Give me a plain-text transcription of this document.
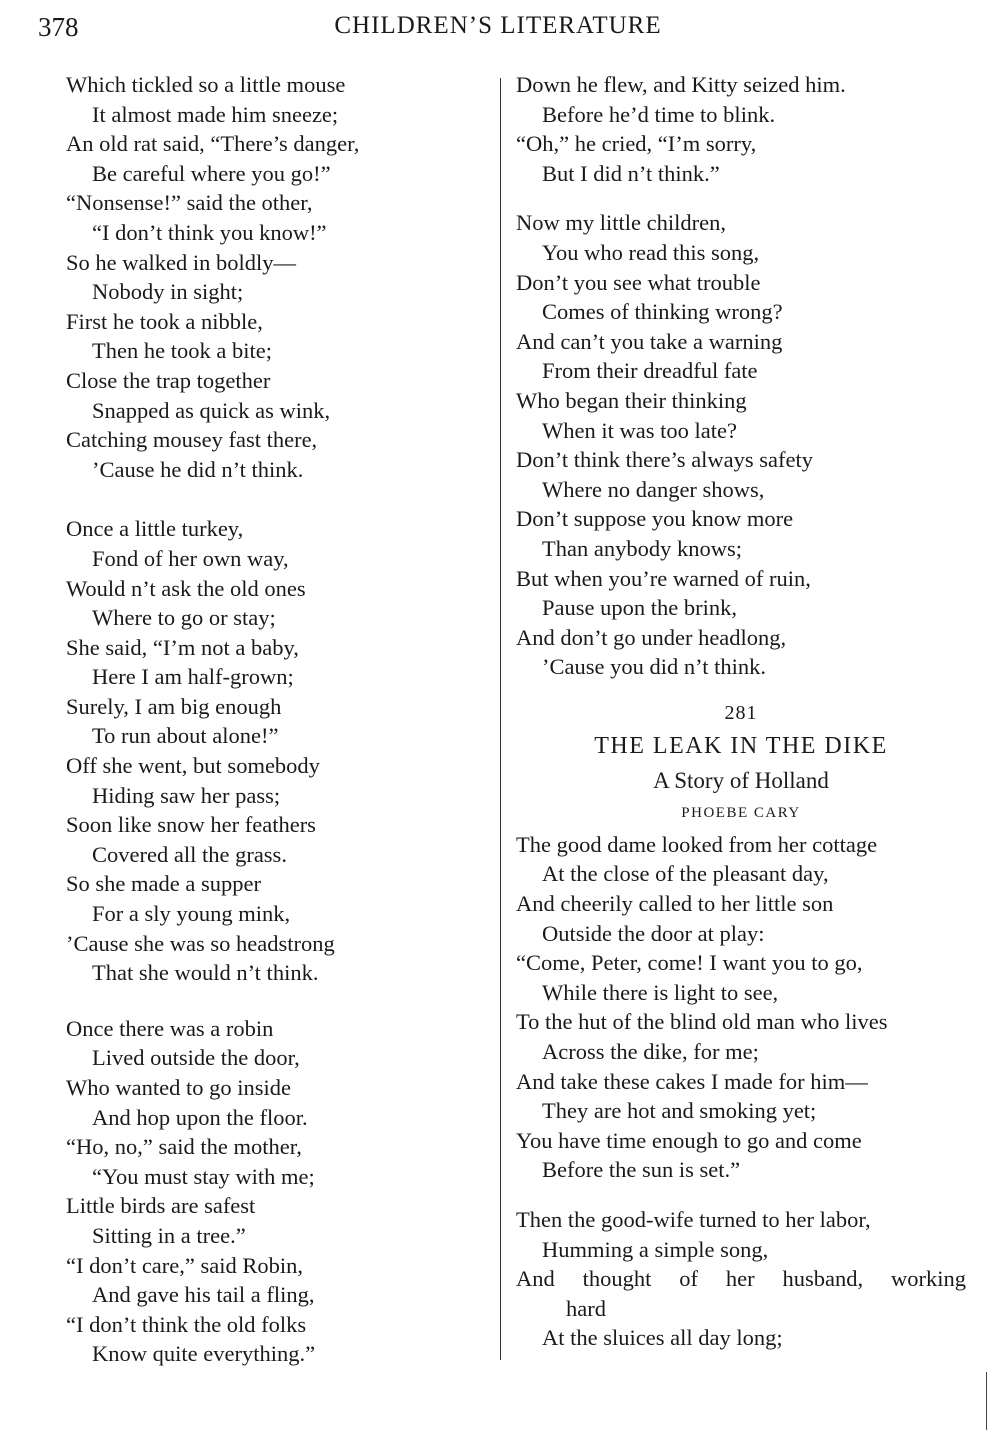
378	CHILDREN’S LITERATURE
Which tickled so a little mouse
It almost made him sneeze;
An old rat said, “There’s danger,
Be careful where you go!”
“Nonsense!” said the other,
“I don’t think you know!”
So he walked in boldly—
Nobody in sight;
First he took a nibble,
Then he took a bite;
Close the trap together
Snapped as quick as wink,
Catching mousey fast there,
’Cause he did n’t think.
Once a little turkey,
Fond of her own way,
Would n’t ask the old ones
Where to go or stay;
She said, “I’m not a baby,
Here I am half-grown;
Surely, I am big enough
To run about alone!”
Off she went, but somebody
Hiding saw her pass;
Soon like snow her feathers
Covered all the grass.
So she made a supper
For a sly young mink,
’Cause she was so headstrong
That she would n’t think.
Once there was a robin
Lived outside the door,
Who wanted to go inside
And hop upon the floor.
“Ho, no,” said the mother,
“You must stay with me;
Little birds are safest
Sitting in a tree.”
“I don’t care,” said Robin,
And gave his tail a fling,
“I don’t think the old folks
Know quite everything.”
Down he flew, and Kitty seized him.
Before he’d time to blink.
“Oh,” he cried, “I’m sorry,
But I did n’t think.”
Now my little children,
You who read this song,
Don’t you see what trouble
Comes of thinking wrong?
And can’t you take a warning
From their dreadful fate
Who began their thinking
When it was too late?
Don’t think there’s always safety
Where no danger shows,
Don’t suppose you know more
Than anybody knows;
But when you’re warned of ruin,
Pause upon the brink,
And don’t go under headlong,
’Cause you did n’t think.
281
THE LEAK IN THE DIKE
A Story of Holland
PHOEBE CARY
The good dame looked from her cottage
At the close of the pleasant day,
And cheerily called to her little son
Outside the door at play:
“Come, Peter, come! I want you to go,
While there is light to see,
To the hut of the blind old man who lives
Across the dike, for me;
And take these cakes I made for him—
They are hot and smoking yet;
You have time enough to go and come
Before the sun is set.”
Then the good-wife turned to her labor,
Humming a simple song,
And thought of her husband, working
hard
At the sluices all day long;
